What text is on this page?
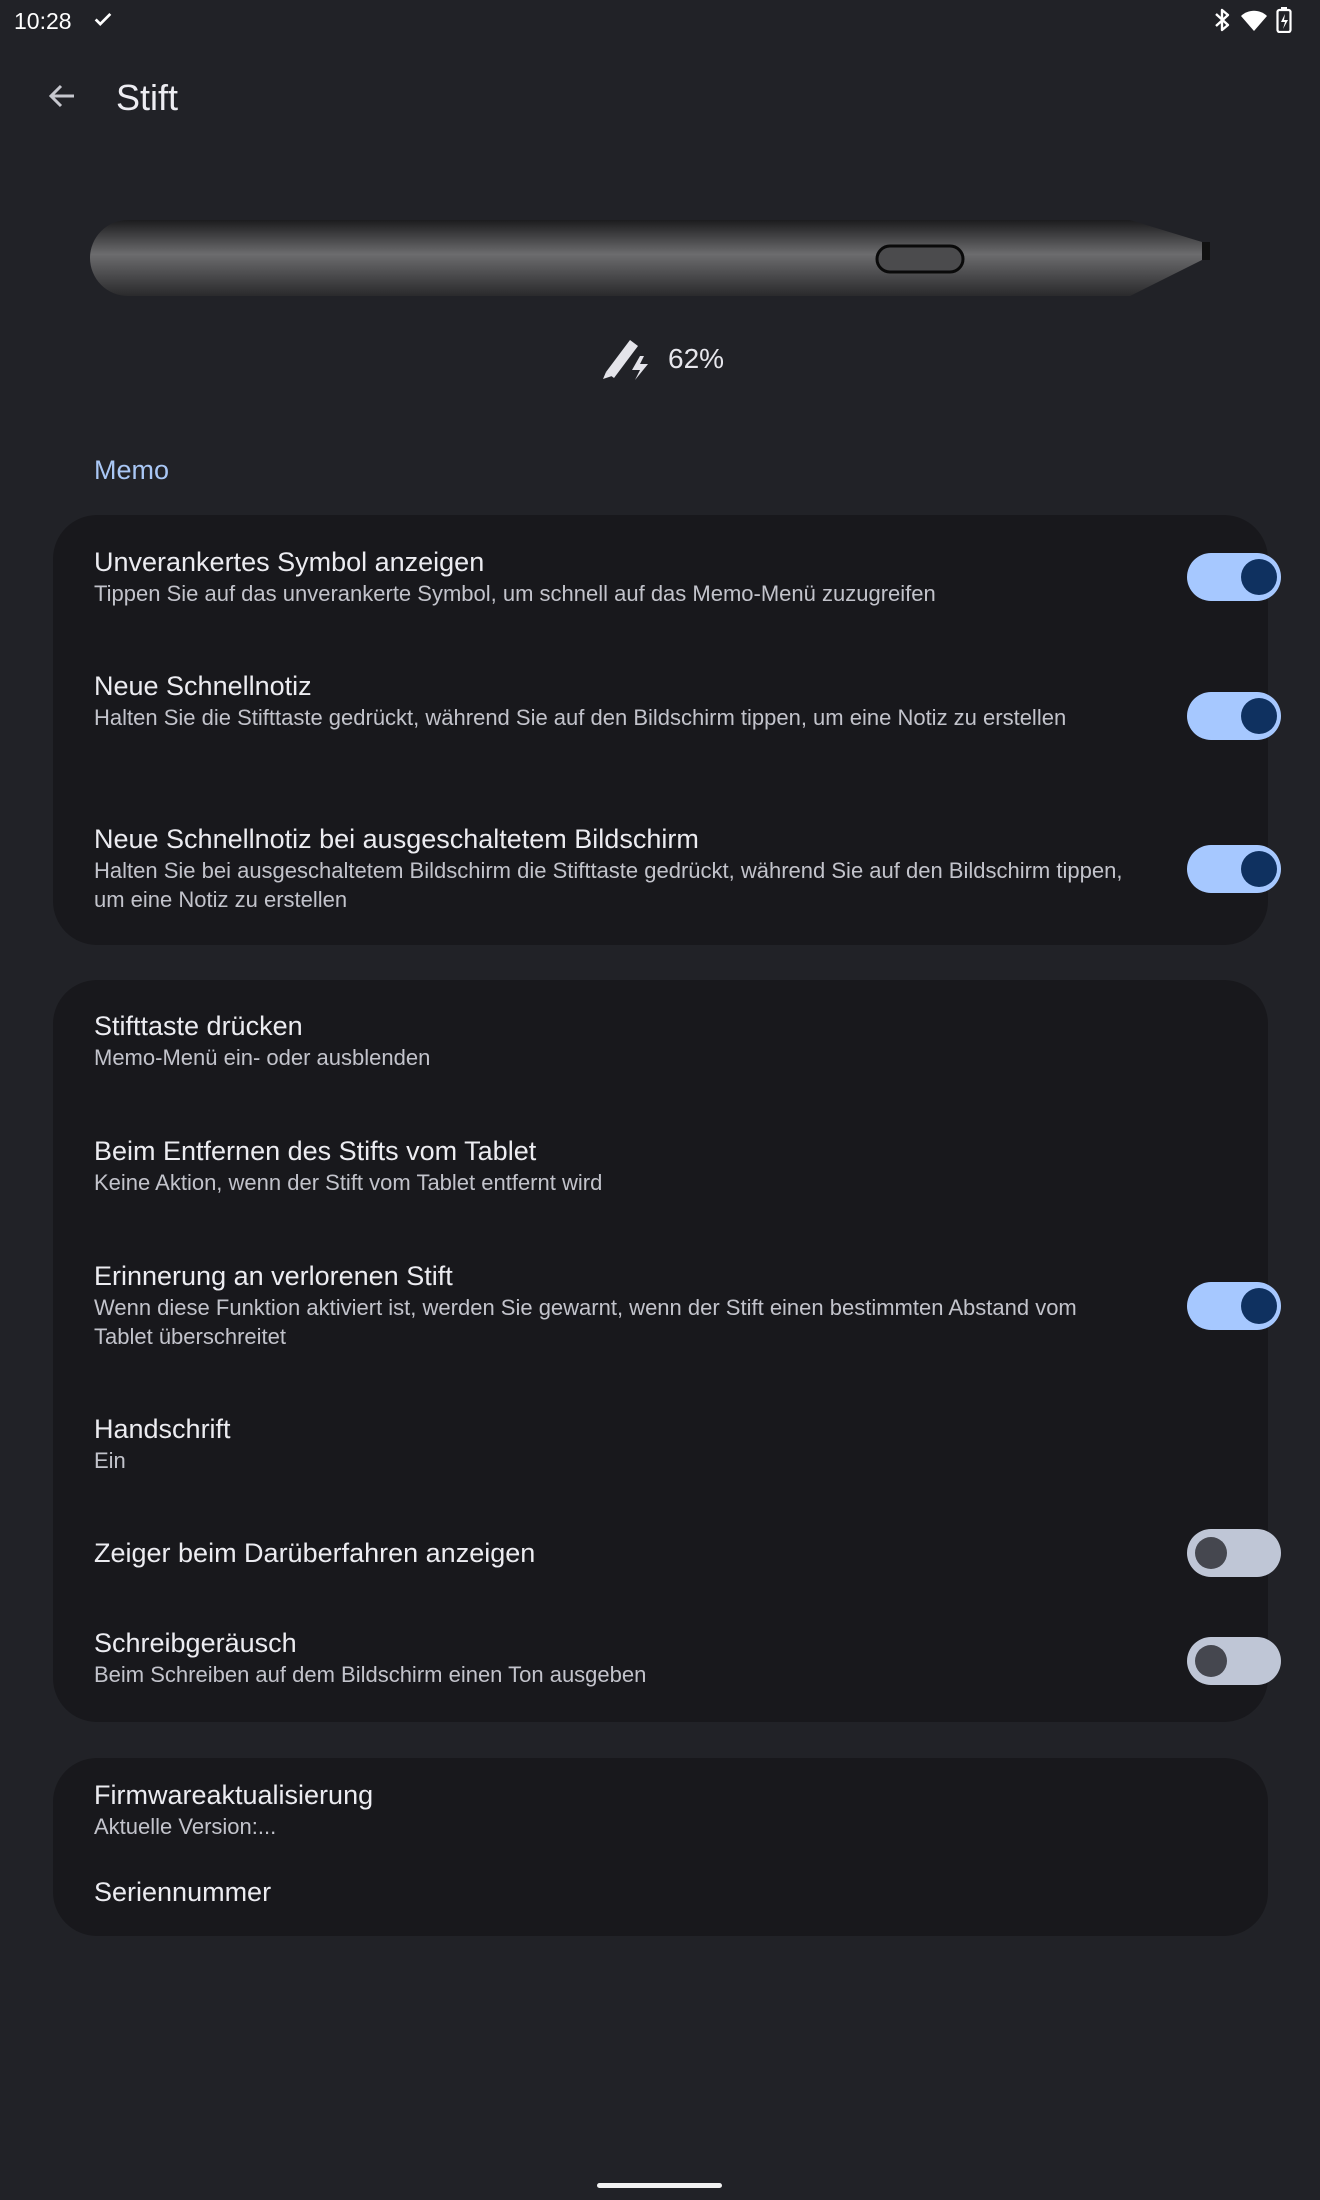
10:28
Stift
62%
Memo
Unverankertes Symbol anzeigen
Tippen Sie auf das unverankerte Symbol, um schnell auf das Memo-Menü zuzugreifen
Neue Schnellnotiz
Halten Sie die Stifttaste gedrückt, während Sie auf den Bildschirm tippen, um eine Notiz zu erstellen
Neue Schnellnotiz bei ausgeschaltetem Bildschirm
Halten Sie bei ausgeschaltetem Bildschirm die Stifttaste gedrückt, während Sie auf den Bildschirm tippen, um eine Notiz zu erstellen
Stifttaste drücken
Memo-Menü ein- oder ausblenden
Beim Entfernen des Stifts vom Tablet
Keine Aktion, wenn der Stift vom Tablet entfernt wird
Erinnerung an verlorenen Stift
Wenn diese Funktion aktiviert ist, werden Sie gewarnt, wenn der Stift einen bestimmten Abstand vom Tablet überschreitet
Handschrift
Ein
Zeiger beim Darüberfahren anzeigen
Schreibgeräusch
Beim Schreiben auf dem Bildschirm einen Ton ausgeben
Firmwareaktualisierung
Aktuelle Version:...
Seriennummer
